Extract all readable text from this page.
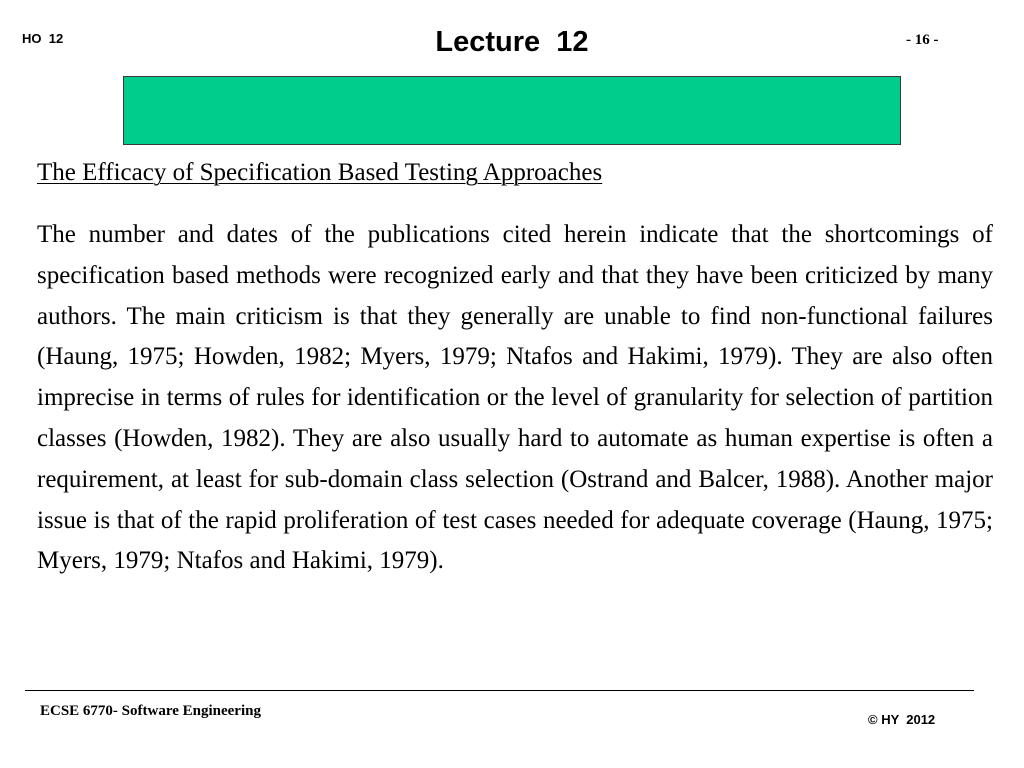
HO  12	Lecture  12	- 16 -
The Efficacy of Specification Based Testing Approaches

The number and dates of the publications cited herein indicate that the shortcomings of specification based methods were recognized early and that they have been criticized by many authors. The main criticism is that they generally are unable to find non-functional failures (Haung, 1975; Howden, 1982; Myers, 1979; Ntafos and Hakimi, 1979). They are also often imprecise in terms of rules for identification or the level of granularity for selection of partition classes (Howden, 1982). They are also usually hard to automate as human expertise is often a requirement, at least for sub-domain class selection (Ostrand and Balcer, 1988). Another major issue is that of the rapid proliferation of test cases needed for adequate coverage (Haung, 1975; Myers, 1979; Ntafos and Hakimi, 1979).

ECSE 6770- Software Engineering
© HY  2012
